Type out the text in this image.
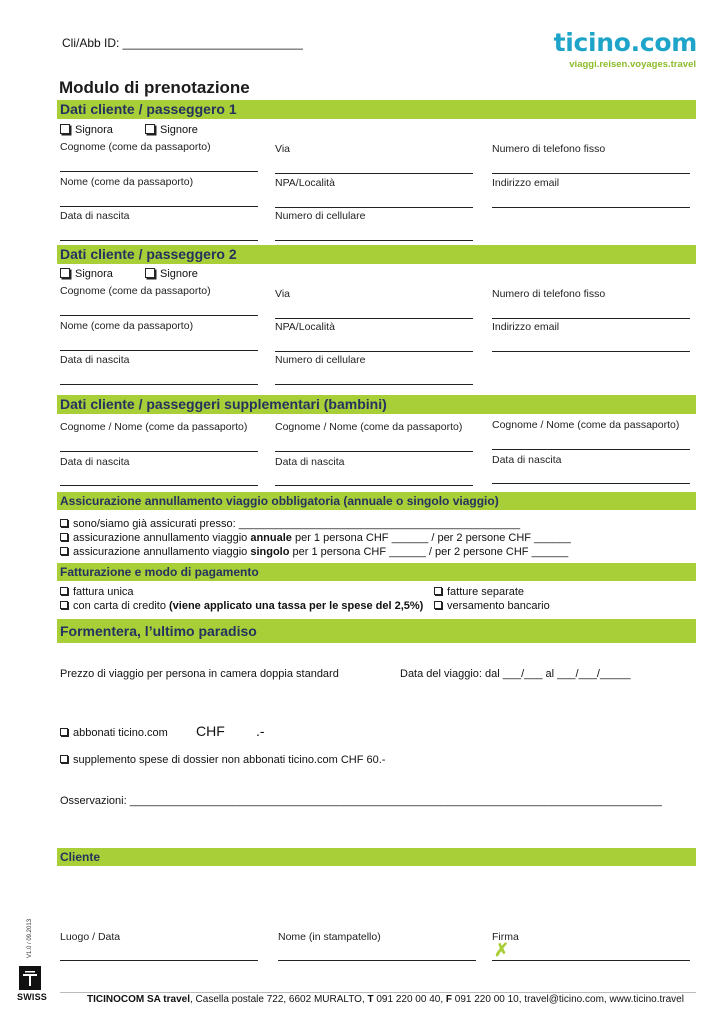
Cli/Abb ID: ___________________________	ticino.com
viaggi.reisen.voyages.travel
Modulo di prenotazione
Dati cliente / passeggero 1
Signora	Signore
Cognome (come da passaporto)
Nome (come da passaporto)
Data di nascita
Via
NPA/Località
Numero di cellulare
Numero di telefono fisso
Indirizzo email
Dati cliente / passeggero 2
Signora	Signore
Cognome (come da passaporto)
Nome (come da passaporto)
Data di nascita
Via
NPA/Località
Numero di cellulare
Numero di telefono fisso
Indirizzo email
Dati cliente / passeggeri supplementari (bambini)
Cognome / Nome (come da passaporto)
Data di nascita
Cognome / Nome (come da passaporto)
Data di nascita
Cognome / Nome (come da passaporto)
Data di nascita
Assicurazione annullamento viaggio obbligatoria (annuale o singolo viaggio)
sono/siamo già assicurati presso: ______________________________________________
assicurazione annullamento viaggio annuale per 1 persona CHF ______ / per 2 persone CHF ______
assicurazione annullamento viaggio singolo per 1 persona CHF ______ / per 2 persone CHF ______
Fatturazione e modo di pagamento
fattura unica
con carta di credito (viene applicato una tassa per le spese del 2,5%)
fatture separate
versamento bancario
Formentera, l’ultimo paradiso
Prezzo di viaggio per persona in camera doppia standard	Data del viaggio: dal ___/___ al ___/___/_____
abbonati ticino.com CHF .-
supplemento spese di dossier non abbonati ticino.com CHF 60.-
Osservazioni: _______________________________________________________________________________________
Cliente
Luogo / Data	Nome (in stampatello)	Firma
✗
V1.0 / 09.2013
SWISS	TICINOCOM SA travel, Casella postale 722, 6602 MURALTO, T 091 220 00 40, F 091 220 00 10, travel@ticino.com, www.ticino.travel
